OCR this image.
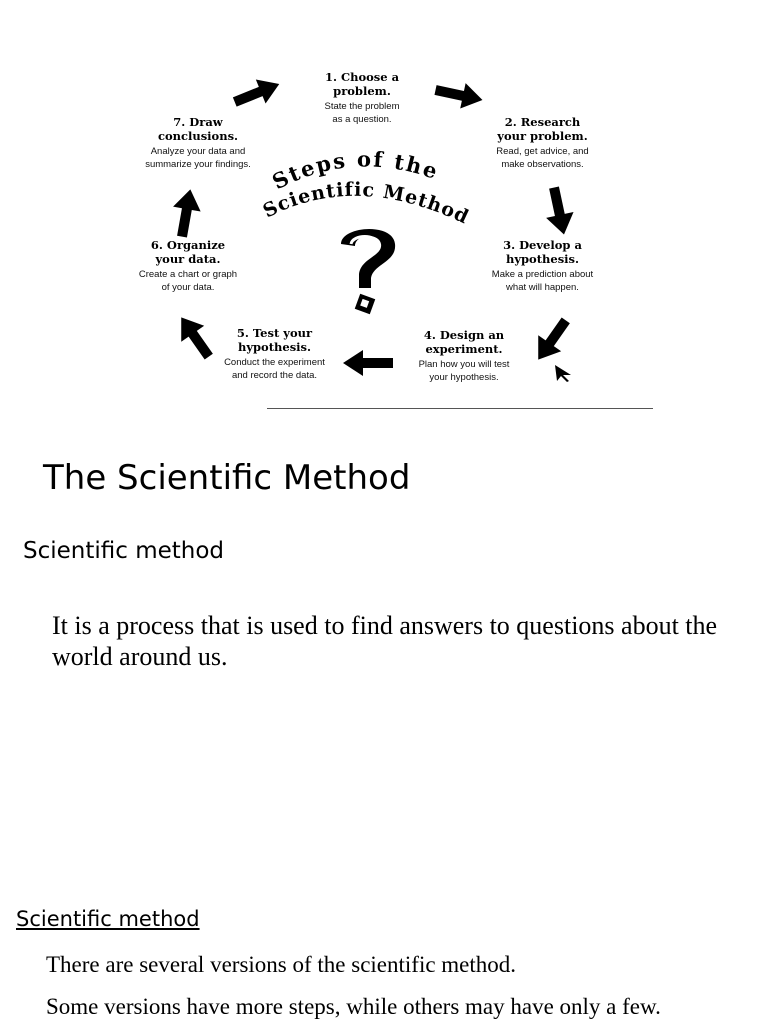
Steps of the
Scientific Method
1. Choose a
problem.
State the problem
as a question.	2. Research
your problem.
Read, get advice, and
make observations.
3. Develop a
hypothesis.
Make a prediction about
what will happen.
4. Design an
experiment.
Plan how you will test
your hypothesis.
5. Test your
hypothesis.
Conduct the experiment
and record the data.
6. Organize
your data.
Create a chart or graph
of your data.
7. Draw
conclusions.
Analyze your data and
summarize your findings.
The Scientific Method
Scientific method
It is a process that is used to find answers to questions about the world around us.
Scientific method
There are several versions of the scientific method.
Some versions have more steps, while others may have only a few.
